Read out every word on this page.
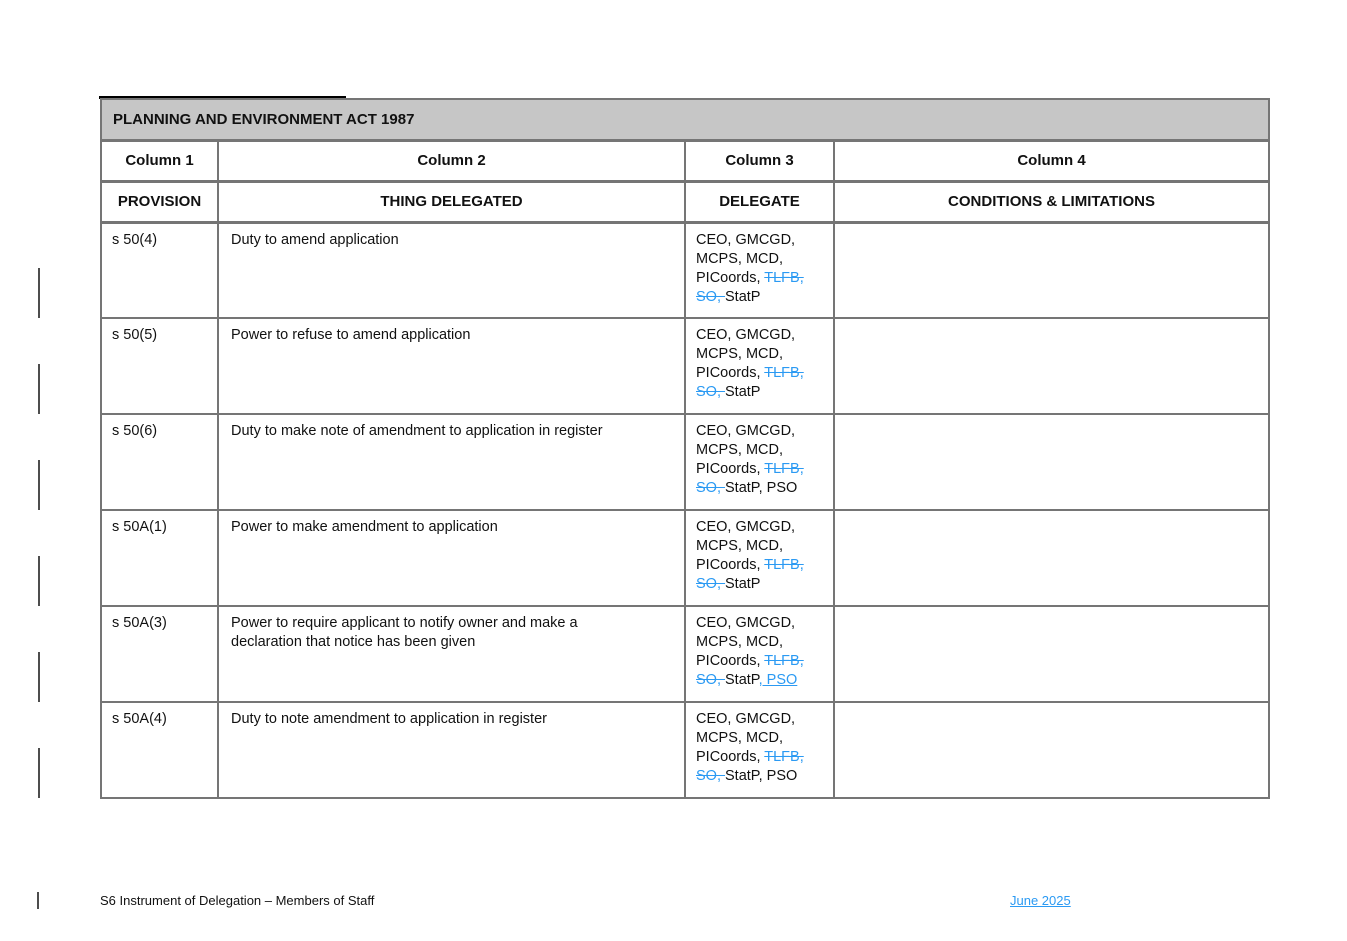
PLANNING AND ENVIRONMENT ACT 1987			
Column 1	Column 2	Column 3	Column 4
PROVISION	THING DELEGATED	DELEGATE	CONDITIONS & LIMITATIONS
s 50(4)	Duty to amend application	CEO, GMCGD, MCPS, MCD, PICoords, TLFB, SO, StatP	

s 50(5)	Power to refuse to amend application	CEO, GMCGD, MCPS, MCD, PICoords, TLFB, SO, StatP	

s 50(6)	Duty to make note of amendment to application in register	CEO, GMCGD, MCPS, MCD, PICoords, TLFB, SO, StatP, PSO	

s 50A(1)	Power to make amendment to application	CEO, GMCGD, MCPS, MCD, PICoords, TLFB, SO, StatP	

s 50A(3)	Power to require applicant to notify owner and make a declaration that notice has been given	CEO, GMCGD, MCPS, MCD, PICoords, TLFB, SO, StatP, PSO	

s 50A(4)	Duty to note amendment to application in register	CEO, GMCGD, MCPS, MCD, PICoords, TLFB, SO, StatP, PSO	

S6 Instrument of Delegation – Members of Staff	June 2025
